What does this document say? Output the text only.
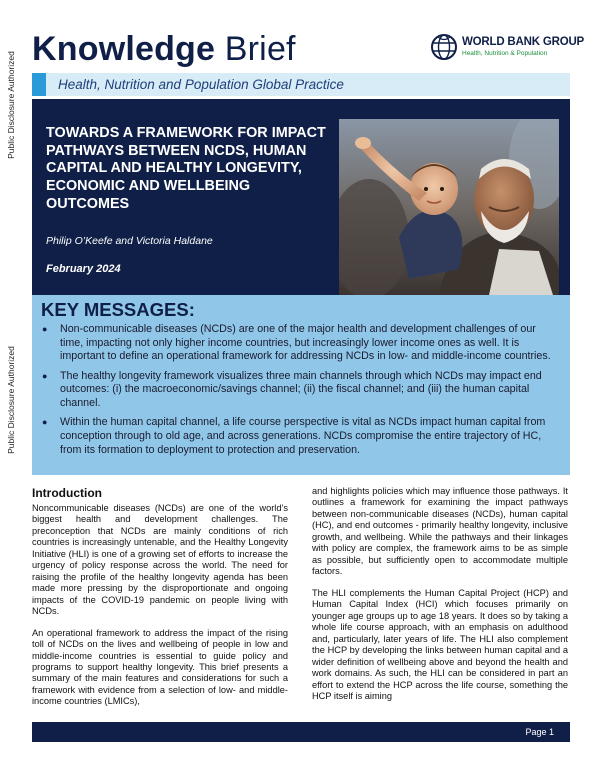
Public Disclosure Authorized
Public Disclosure Authorized
Knowledge Brief	WORLD BANK GROUP
Health, Nutrition & Population
Health, Nutrition and Population Global Practice
TOWARDS A FRAMEWORK FOR IMPACT PATHWAYS BETWEEN NCDS, HUMAN CAPITAL AND HEALTHY LONGEVITY, ECONOMIC AND WELLBEING OUTCOMES
Philip O’Keefe and Victoria Haldane
February 2024
KEY MESSAGES:
● Non-communicable diseases (NCDs) are one of the major health and development challenges of our time, impacting not only higher income countries, but increasingly lower income ones as well. It is important to define an operational framework for addressing NCDs in low- and middle-income countries.
● The healthy longevity framework visualizes three main channels through which NCDs may impact end outcomes: (i) the macroeconomic/savings channel; (ii) the fiscal channel; and (iii) the human capital channel.
● Within the human capital channel, a life course perspective is vital as NCDs impact human capital from conception through to old age, and across generations. NCDs compromise the entire trajectory of HC, from its formation to deployment to protection and preservation.
Introduction

Noncommunicable diseases (NCDs) are one of the world’s biggest health and development challenges. The preconception that NCDs are mainly conditions of rich countries is increasingly untenable, and the Healthy Longevity Initiative (HLI) is one of a growing set of efforts to increase the urgency of policy response across the world. The need for raising the profile of the healthy longevity agenda has been made more pressing by the disproportionate and ongoing impacts of the COVID-19 pandemic on people living with NCDs.

An operational framework to address the impact of the rising toll of NCDs on the lives and wellbeing of people in low and middle-income countries is essential to guide policy and programs to support healthy longevity. This brief presents a summary of the main features and considerations for such a framework with evidence from a selection of low- and middle- income countries (LMICs),

and highlights policies which may influence those pathways. It outlines a framework for examining the impact pathways between non-communicable diseases (NCDs), human capital (HC), and end outcomes - primarily healthy longevity, inclusive growth, and wellbeing. While the pathways and their linkages with policy are complex, the framework aims to be as simple as possible, but sufficiently open to accommodate multiple factors.

The HLI complements the Human Capital Project (HCP) and Human Capital Index (HCI) which focuses primarily on younger age groups up to age 18 years. It does so by taking a whole life course approach, with an emphasis on adulthood and, particularly, later years of life. The HLI also complement the HCP by developing the links between human capital and a wider definition of wellbeing above and beyond the health and work domains. As such, the HLI can be considered in part an effort to extend the HCP across the life course, something the HCP itself is aiming

Page 1
